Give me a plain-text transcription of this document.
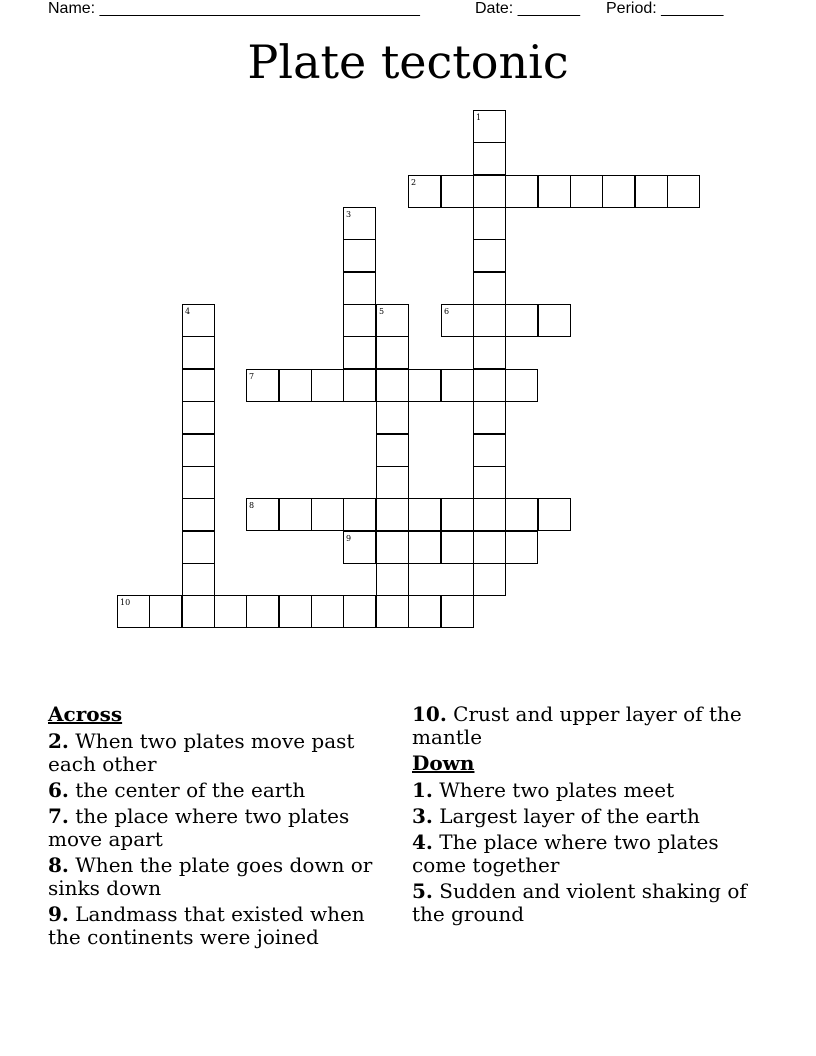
Name: ____________________________________	Date: _______ Period: _______
Plate tectonic
1
2
3
4	5	6
7
8
9
10
Across
2. When two plates move past each other
6. the center of the earth
7. the place where two plates move apart
8. When the plate goes down or sinks down
9. Landmass that existed when the continents were joined
10. Crust and upper layer of the mantle
Down
1. Where two plates meet
3. Largest layer of the earth
4. The place where two plates come together
5. Sudden and violent shaking of the ground
